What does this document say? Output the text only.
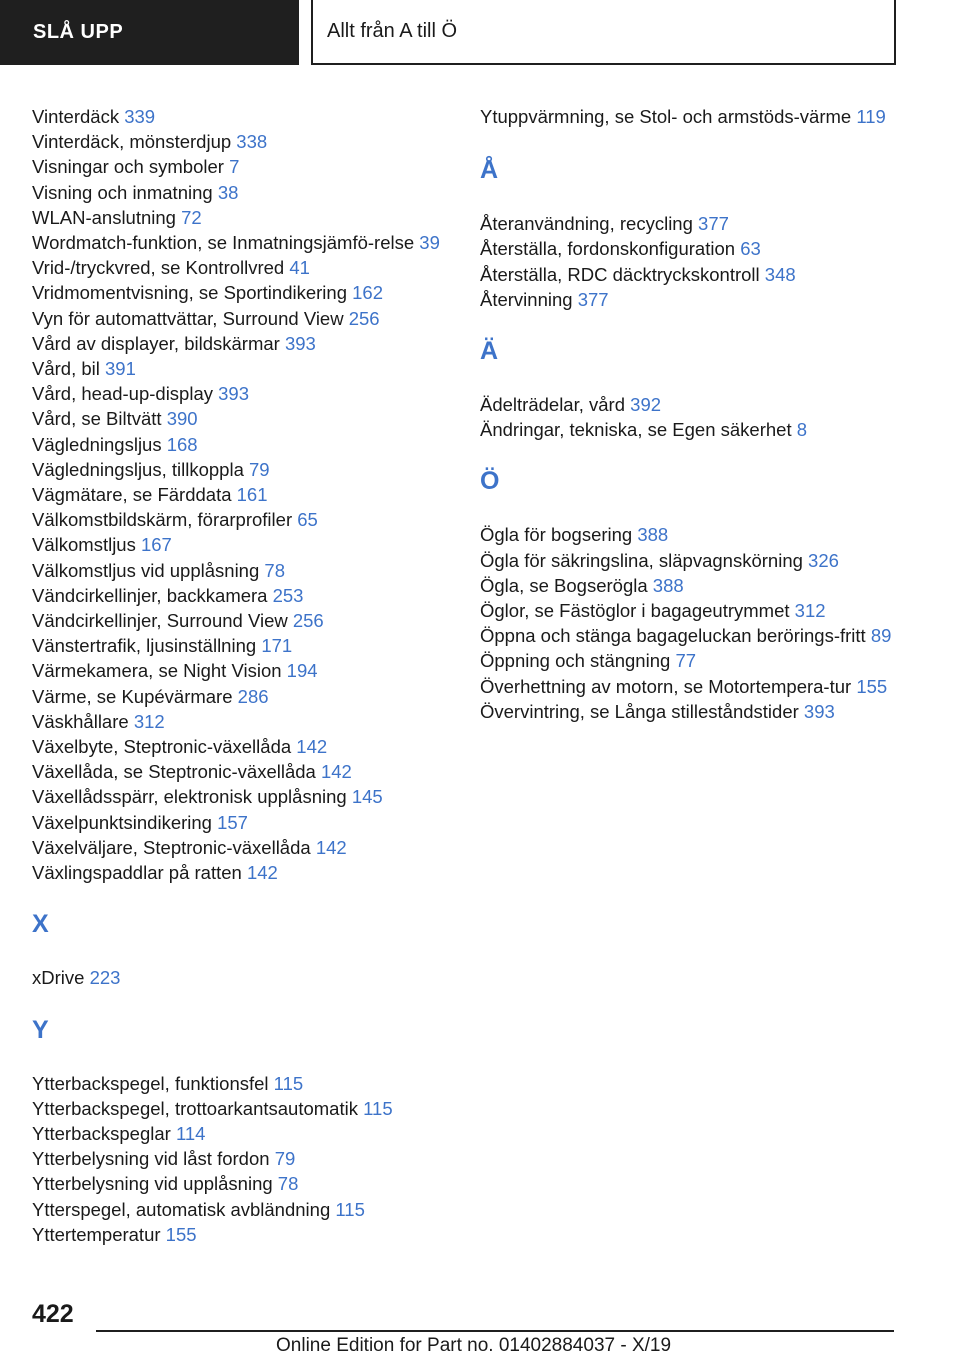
SLÅ UPP	Allt från A till Ö
Vinterdäck 339
Vinterdäck, mönsterdjup 338
Visningar och symboler 7
Visning och inmatning 38
WLAN-anslutning 72
Wordmatch-funktion, se Inmatningsjämfö‐relse 39
Vrid-/tryckvred, se Kontrollvred 41
Vridmomentvisning, se Sportindikering 162
Vyn för automattvättar, Surround View 256
Vård av displayer, bildskärmar 393
Vård, bil 391
Vård, head-up-display 393
Vård, se Biltvätt 390
Vägledningsljus 168
Vägledningsljus, tillkoppla 79
Vägmätare, se Färddata 161
Välkomstbildskärm, förarprofiler 65
Välkomstljus 167
Välkomstljus vid upplåsning 78
Vändcirkellinjer, backkamera 253
Vändcirkellinjer, Surround View 256
Vänstertrafik, ljusinställning 171
Värmekamera, se Night Vision 194
Värme, se Kupévärmare 286
Väskhållare 312
Växelbyte, Steptronic-växellåda 142
Växellåda, se Steptronic-växellåda 142
Växellådsspärr, elektronisk upplåsning 145
Växelpunktsindikering 157
Växelväljare, Steptronic-växellåda 142
Växlingspaddlar på ratten 142
X
xDrive 223
Y
Ytterbackspegel, funktionsfel 115
Ytterbackspegel, trottoarkantsautomatik 115
Ytterbackspeglar 114
Ytterbelysning vid låst fordon 79
Ytterbelysning vid upplåsning 78
Ytterspegel, automatisk avbländning 115
Yttertemperatur 155
Ytuppvärmning, se Stol- och armstöds‐värme 119
Å
Återanvändning, recycling 377
Återställa, fordonskonfiguration 63
Återställa, RDC däcktryckskontroll 348
Återvinning 377
Ä
Ädelträdelar, vård 392
Ändringar, tekniska, se Egen säkerhet 8
Ö
Ögla för bogsering 388
Ögla för säkringslina, släpvagnskörning 326
Ögla, se Bogserögla 388
Öglor, se Fästöglor i bagageutrymmet 312
Öppna och stänga bagageluckan berörings‐fritt 89
Öppning och stängning 77
Överhettning av motorn, se Motortempera‐tur 155
Övervintring, se Långa stilleståndstider 393
422
Online Edition for Part no. 01402884037 - X/19
